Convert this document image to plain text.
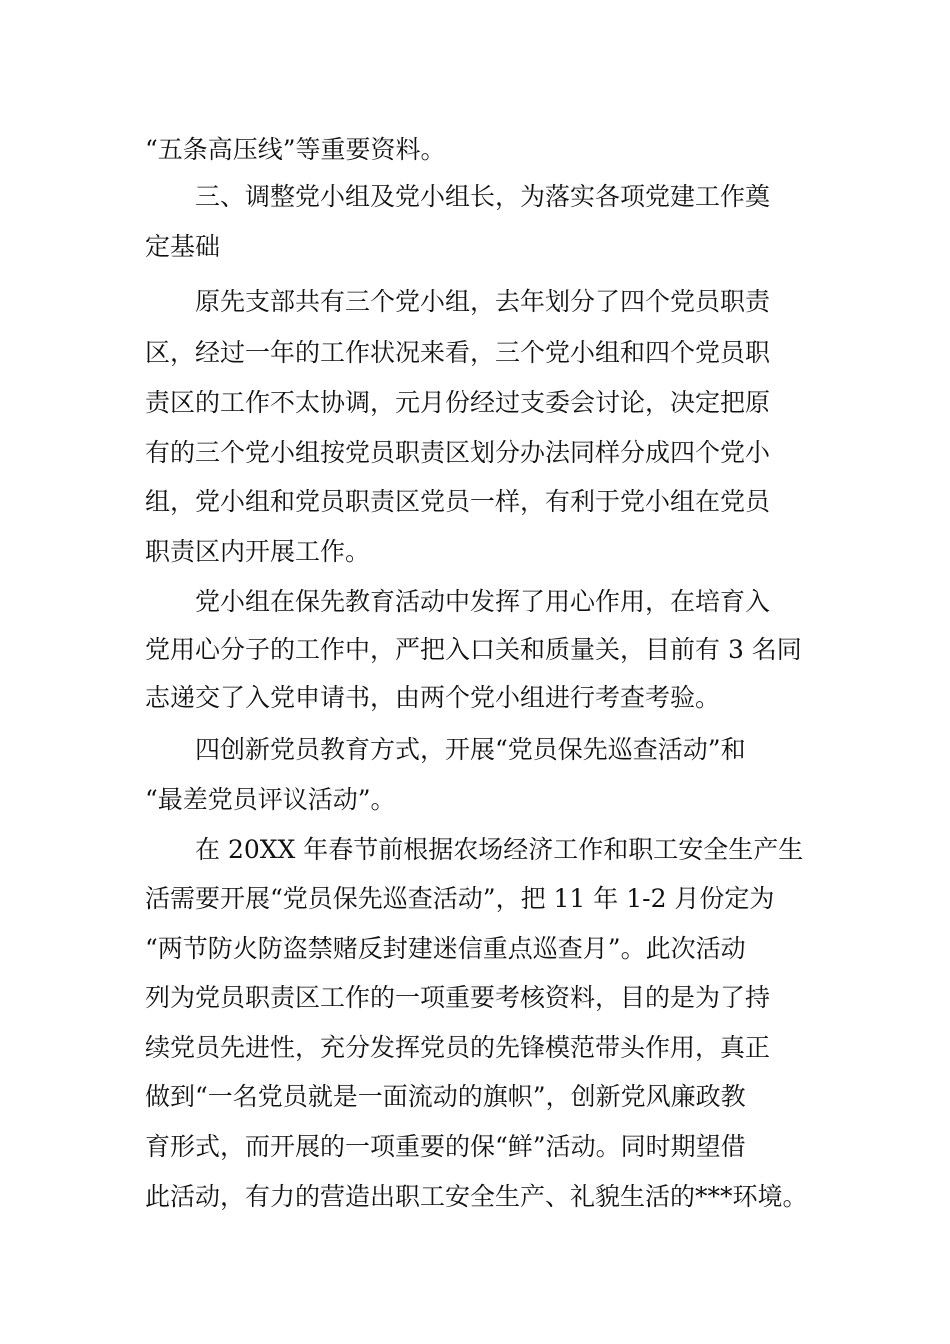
“五条高压线”等重要资料。
三、调整党小组及党小组长，为落实各项党建工作奠
定基础
原先支部共有三个党小组，去年划分了四个党员职责
区，经过一年的工作状况来看，三个党小组和四个党员职
责区的工作不太协调，元月份经过支委会讨论，决定把原
有的三个党小组按党员职责区划分办法同样分成四个党小
组，党小组和党员职责区党员一样，有利于党小组在党员
职责区内开展工作。
党小组在保先教育活动中发挥了用心作用，在培育入
党用心分子的工作中，严把入口关和质量关，目前有 3 名同
志递交了入党申请书，由两个党小组进行考查考验。
四创新党员教育方式，开展“党员保先巡查活动”和
“最差党员评议活动”。
在 20XX 年春节前根据农场经济工作和职工安全生产生
活需要开展“党员保先巡查活动”，把 11 年 1-2 月份定为
“两节防火防盗禁赌反封建迷信重点巡查月”。此次活动
列为党员职责区工作的一项重要考核资料，目的是为了持
续党员先进性，充分发挥党员的先锋模范带头作用，真正
做到“一名党员就是一面流动的旗帜”，创新党风廉政教
育形式，而开展的一项重要的保“鲜”活动。同时期望借
此活动，有力的营造出职工安全生产、礼貌生活的***环境。
